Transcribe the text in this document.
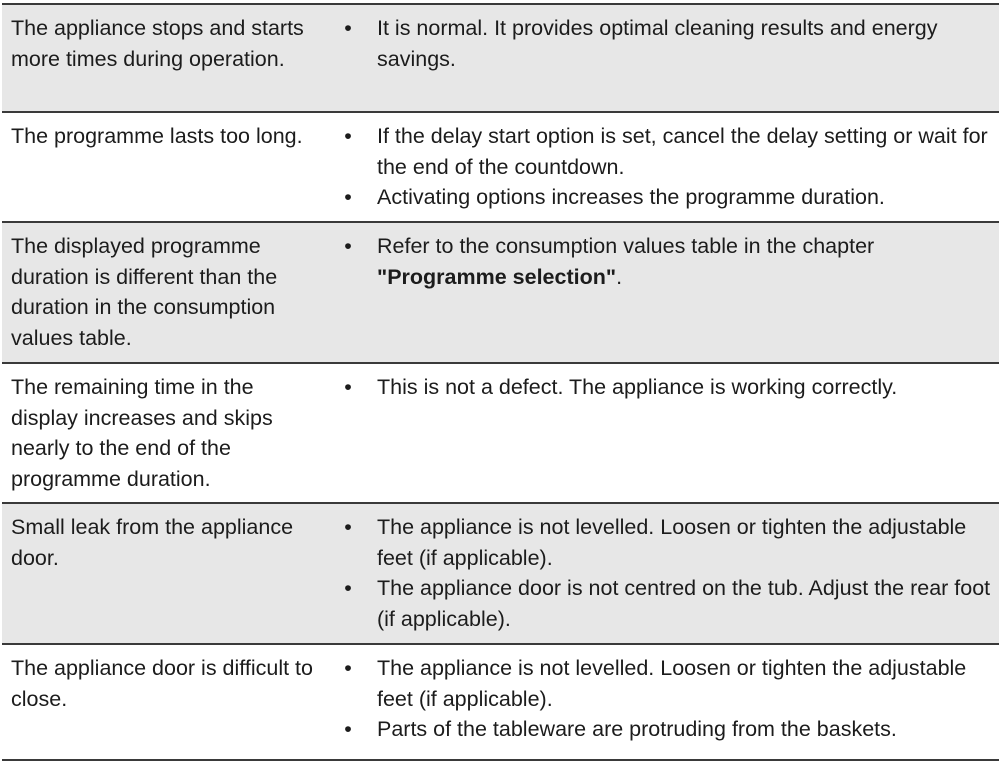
The appliance stops and starts more times during operation.
•	It is normal. It provides optimal cleaning results and energy savings.
The programme lasts too long.	•	If the delay start option is set, cancel the delay setting or wait for the end of the countdown.
•	Activating options increases the programme duration.
The displayed programme duration is different than the duration in the consumption values table.
•	Refer to the consumption values table in the chapter "Programme selection".
The remaining time in the display increases and skips nearly to the end of the programme duration.
•	This is not a defect. The appliance is working correctly.
Small leak from the appliance door.
•	The appliance is not levelled. Loosen or tighten the adjustable feet (if applicable).
•	The appliance door is not centred on the tub. Adjust the rear foot (if applicable).
The appliance door is difficult to close.
•	The appliance is not levelled. Loosen or tighten the adjustable feet (if applicable).
•	Parts of the tableware are protruding from the baskets.
